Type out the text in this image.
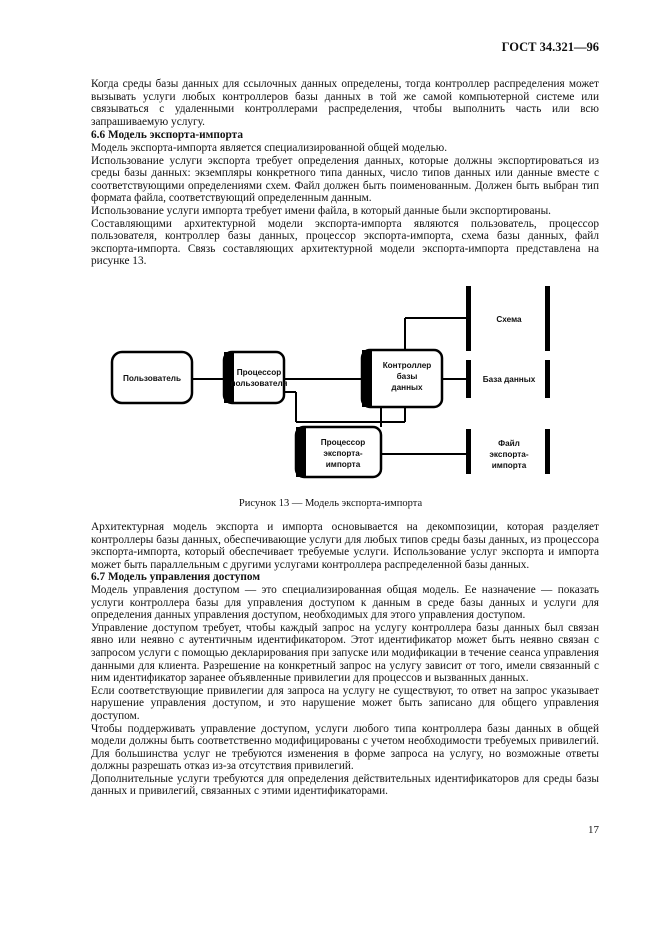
ГОСТ 34.321—96

Когда среды базы данных для ссылочных данных определены, тогда контроллер распределения может вызывать услуги любых контроллеров базы данных в той же самой компьютерной системе или связываться с удаленными контроллерами распределения, чтобы выполнить часть или всю запрашиваемую услугу.

6.6 Модель экспорта-импорта

Модель экспорта-импорта является специализированной общей моделью.

Использование услуги экспорта требует определения данных, которые должны экспортироваться из среды базы данных: экземпляры конкретного типа данных, число типов данных или данные вместе с соответствующими определениями схем. Файл должен быть поименованным. Должен быть выбран тип формата файла, соответствующий определенным данным.

Использование услуги импорта требует имени файла, в который данные были экспортированы.

Составляющими архитектурной модели экспорта-импорта являются пользователь, процессор пользователя, контроллер базы данных, процессор экспорта-импорта, схема базы данных, файл экспорта-импорта. Связь составляющих архитектурной модели экспорта-импорта представлена на рисунке 13.

Пользователь
Процессор
пользователя
Контроллер
базы
данных
Процессор
экспорта-
импорта
Схема
База данных
Файл
экспорта-
импорта
Рисунок 13 — Модель экспорта-импорта

Архитектурная модель экспорта и импорта основывается на декомпозиции, которая разделяет контроллеры базы данных, обеспечивающие услуги для любых типов среды базы данных, из процессора экспорта-импорта, который обеспечивает требуемые услуги. Использование услуг экспорта и импорта может быть параллельным с другими услугами контроллера распределенной базы данных.

6.7 Модель управления доступом

Модель управления доступом — это специализированная общая модель. Ее назначение — показать услуги контроллера базы для управления доступом к данным в среде базы данных и услуги для определения данных управления доступом, необходимых для этого управления доступом.

Управление доступом требует, чтобы каждый запрос на услугу контроллера базы данных был связан явно или неявно с аутентичным идентификатором. Этот идентификатор может быть неявно связан с запросом услуги с помощью декларирования при запуске или модификации в течение сеанса управления данными для клиента. Разрешение на конкретный запрос на услугу зависит от того, имели связанный с ним идентификатор заранее объявленные привилегии для процессов и вызванных данных.

Если соответствующие привилегии для запроса на услугу не существуют, то ответ на запрос указывает нарушение управления доступом, и это нарушение может быть записано для общего управления доступом.

Чтобы поддерживать управление доступом, услуги любого типа контроллера базы данных в общей модели должны быть соответственно модифицированы с учетом необходимости требуемых привилегий. Для большинства услуг не требуются изменения в форме запроса на услугу, но возможные ответы должны разрешать отказ из-за отсутствия привилегий.

Дополнительные услуги требуются для определения действительных идентификаторов для среды базы данных и привилегий, связанных с этими идентификаторами.

17
